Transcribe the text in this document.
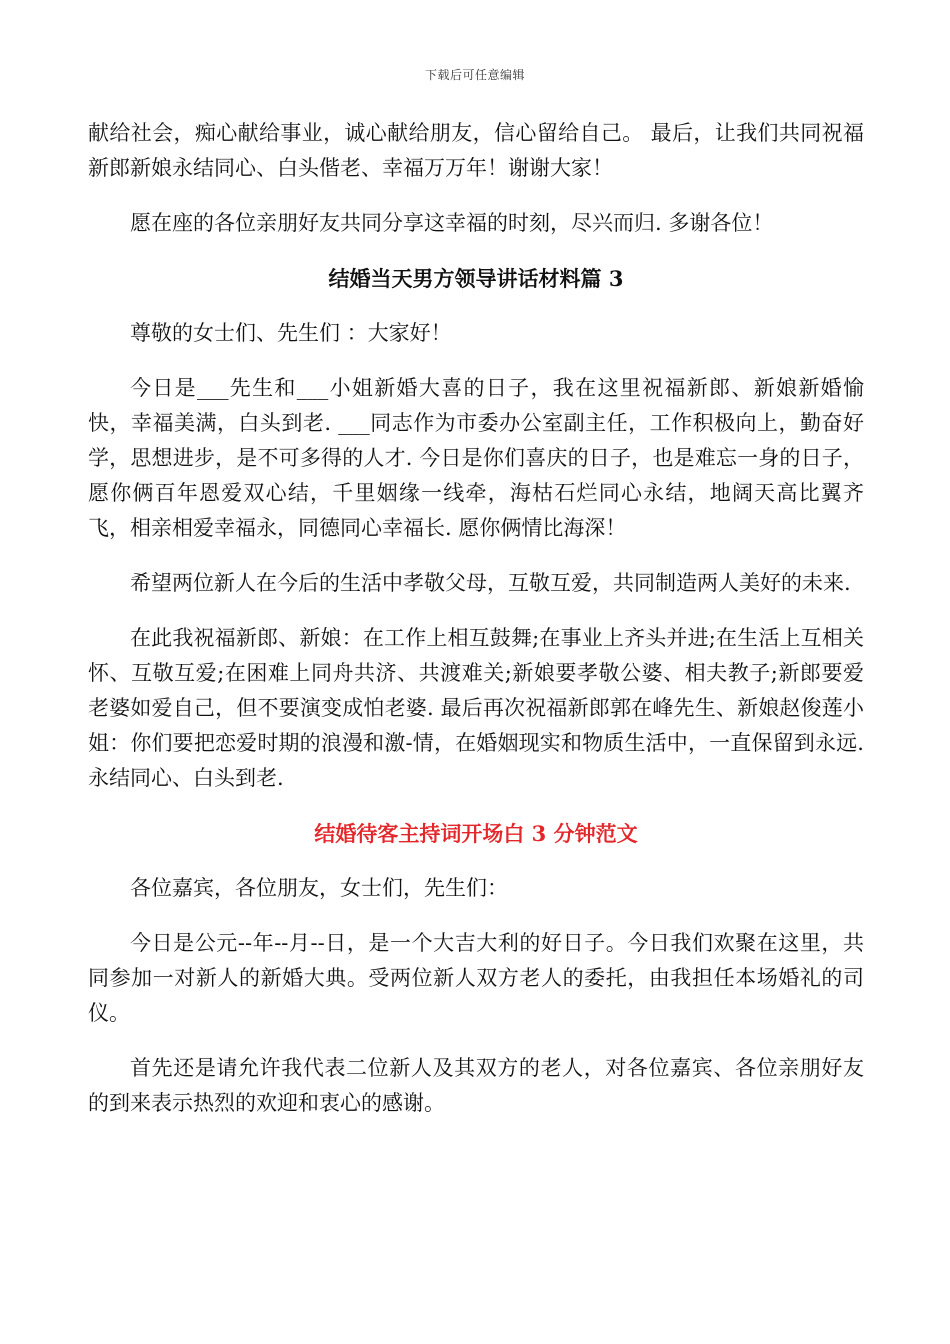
下载后可任意编辑

献给社会，痴心献给事业，诚心献给朋友，信心留给自己。 最后，让我们共同祝福新郎新娘永结同心、白头偕老、幸福万万年！谢谢大家！

愿在座的各位亲朋好友共同分享这幸福的时刻，尽兴而归. 多谢各位！

结婚当天男方领导讲话材料篇 3

尊敬的女士们、先生们 ：大家好！

今日是___先生和___小姐新婚大喜的日子，我在这里祝福新郎、新娘新婚愉快，幸福美满，白头到老. ___同志作为市委办公室副主任，工作积极向上，勤奋好学，思想进步，是不可多得的人才. 今日是你们喜庆的日子，也是难忘一身的日子，愿你俩百年恩爱双心结，千里姻缘一线牵，海枯石烂同心永结，地阔天高比翼齐飞，相亲相爱幸福永，同德同心幸福长. 愿你俩情比海深！

希望两位新人在今后的生活中孝敬父母，互敬互爱，共同制造两人美好的未来.

在此我祝福新郎、新娘：在工作上相互鼓舞;在事业上齐头并进;在生活上互相关怀、互敬互爱;在困难上同舟共济、共渡难关;新娘要孝敬公婆、相夫教子;新郎要爱老婆如爱自己，但不要演变成怕老婆. 最后再次祝福新郎郭在峰先生、新娘赵俊莲小姐：你们要把恋爱时期的浪漫和激-情，在婚姻现实和物质生活中，一直保留到永远. 永结同心、白头到老.

结婚待客主持词开场白 3 分钟范文

各位嘉宾，各位朋友，女士们，先生们：

今日是公元--年--月--日，是一个大吉大利的好日子。今日我们欢聚在这里，共同参加一对新人的新婚大典。受两位新人双方老人的委托，由我担任本场婚礼的司仪。

首先还是请允许我代表二位新人及其双方的老人，对各位嘉宾、各位亲朋好友的到来表示热烈的欢迎和衷心的感谢。
